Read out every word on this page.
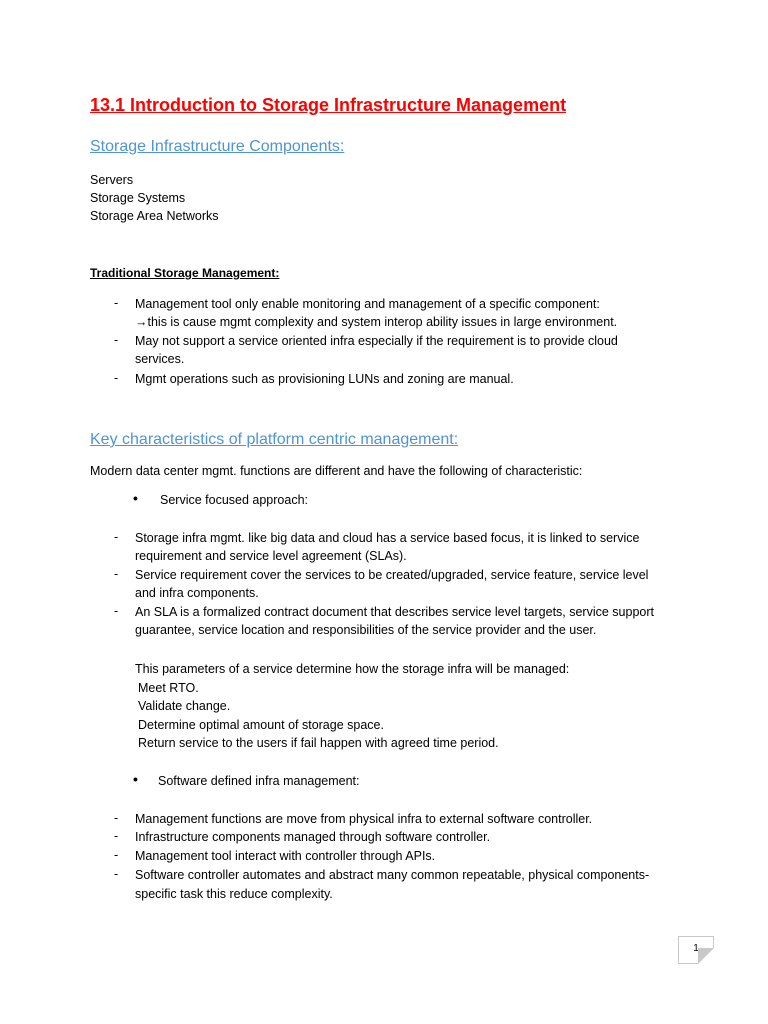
13.1 Introduction to Storage Infrastructure Management
Storage Infrastructure Components:
Servers
Storage Systems
Storage Area Networks
Traditional Storage Management:
- Management tool only enable monitoring and management of a specific component:
→this is cause mgmt complexity and system interop ability issues in large environment.
- May not support a service oriented infra especially if the requirement is to provide cloud
services.
- Mgmt operations such as provisioning LUNs and zoning are manual.
Key characteristics of platform centric management:
Modern data center mgmt. functions are different and have the following of characteristic:
• Service focused approach:
- Storage infra mgmt. like big data and cloud has a service based focus, it is linked to service
requirement and service level agreement (SLAs).
- Service requirement cover the services to be created/upgraded, service feature, service level
and infra components.
- An SLA is a formalized contract document that describes service level targets, service support
guarantee, service location and responsibilities of the service provider and the user.
This parameters of a service determine how the storage infra will be managed:
Meet RTO.
Validate change.
Determine optimal amount of storage space.
Return service to the users if fail happen with agreed time period.
• Software defined infra management:
- Management functions are move from physical infra to external software controller.
- Infrastructure components managed through software controller.
- Management tool interact with controller through APIs.
- Software controller automates and abstract many common repeatable, physical components-
specific task this reduce complexity.
1
